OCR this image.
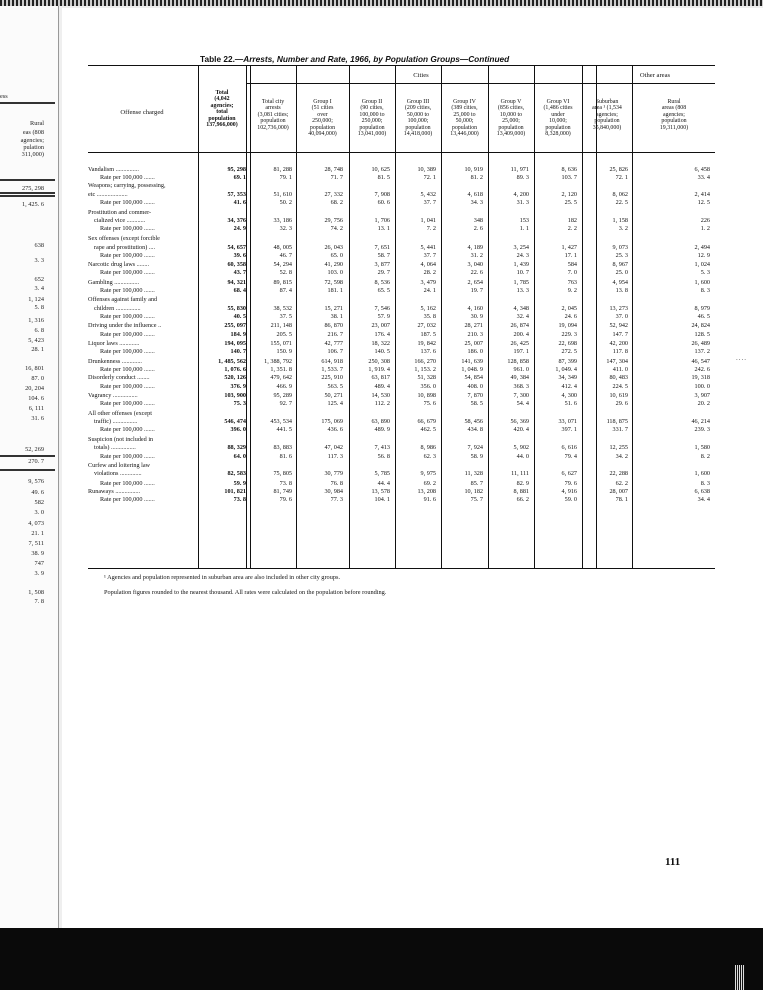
ess
Rural
eas (808
agencies;
pulation
311,000)
275, 298
1, 425. 6
638
3. 3
652
3. 4
1, 124
5. 8
1, 316
6. 8
5, 423
28. 1
16, 801
87. 0
20, 204
104. 6
6, 111
31. 6
52, 269
270. 7
9, 576
49. 6
582
3. 0
4, 073
21. 1
7, 511
38. 9
747
3. 9
1, 508
7. 8
....
Table 22.—Arrests, Number and Rate, 1966, by Population Groups—Continued
Offense charged
Total
(4,042
agencies;
total
population
137,966,000)
Cities	Other areas
Total city
arrests
(3,081 cities;
population
102,736,000)
Group I
(51 cities
over
250,000;
population
40,094,000)
Group II
(90 cities,
100,000 to
250,000;
population
13,041,000)
Group III
(209 cities,
50,000 to
100,000;
population
14,418,000)
Group IV
(389 cities,
25,000 to
50,000;
population
13,446,000)
Group V
(856 cities,
10,000 to
25,000;
population
13,409,000)
Group VI
(1,486 cities
under
10,000;
population
8,328,000)
Suburban
area ¹ (1,534
agencies;
population
35,840,000)
Rural
areas (808
agencies;
population
19,311,000)
Vandalism ...............	95, 298	81, 288	28, 748	10, 625	10, 389	10, 919	11, 971	8, 636	25, 826	6, 458
Rate per 100,000 .......	69. 1	79. 1	71. 7	81. 5	72. 1	81. 2	89. 3	103. 7	72. 1	33. 4
Weapons; carrying, possessing,
etc ....................	57, 353	51, 610	27, 332	7, 908	5, 432	4, 618	4, 200	2, 120	8, 062	2, 414
Rate per 100,000 .......	41. 6	50. 2	68. 2	60. 6	37. 7	34. 3	31. 3	25. 5	22. 5	12. 5
Prostitution and commer-
cialized vice ............	34, 376	33, 186	29, 756	1, 706	1, 041	348	153	182	1, 158	226
Rate per 100,000 .......	24. 9	32. 3	74. 2	13. 1	7. 2	2. 6	1. 1	2. 2	3. 2	1. 2
Sex offenses (except forcible
rape and prostitution) ....	54, 657	48, 005	26, 043	7, 651	5, 441	4, 189	3, 254	1, 427	9, 073	2, 494
Rate per 100,000 .......	39. 6	46. 7	65. 0	58. 7	37. 7	31. 2	24. 3	17. 1	25. 3	12. 9
Narcotic drug laws ........	60, 358	54, 294	41, 290	3, 877	4, 064	3, 040	1, 439	584	8, 967	1, 024
Rate per 100,000 .......	43. 7	52. 8	103. 0	29. 7	28. 2	22. 6	10. 7	7. 0	25. 0	5. 3
Gambling ................	94, 321	89, 815	72, 598	8, 536	3, 479	2, 654	1, 785	763	4, 954	1, 600
Rate per 100,000 .......	68. 4	87. 4	181. 1	65. 5	24. 1	19. 7	13. 3	9. 2	13. 8	8. 3
Offenses against family and
children ................	55, 830	38, 532	15, 271	7, 546	5, 162	4, 160	4, 348	2, 045	13, 273	8, 979
Rate per 100,000 .......	40. 5	37. 5	38. 1	57. 9	35. 8	30. 9	32. 4	24. 6	37. 0	46. 5
Driving under the influence ..	255, 097	211, 148	86, 870	23, 007	27, 032	28, 271	26, 874	19, 094	52, 942	24, 824
Rate per 100,000 .......	184. 9	205. 5	216. 7	176. 4	187. 5	210. 3	200. 4	229. 3	147. 7	128. 5
Liquor laws .............	194, 095	155, 071	42, 777	18, 322	19, 842	25, 007	26, 425	22, 698	42, 200	26, 489
Rate per 100,000 .......	140. 7	150. 9	106. 7	140. 5	137. 6	186. 0	197. 1	272. 5	117. 8	137. 2
Drunkenness .............	1, 485, 562	1, 388, 792	614, 918	250, 308	166, 270	141, 639	128, 858	87, 399	147, 304	46, 547
Rate per 100,000 .......	1, 076. 6	1, 351. 8	1, 533. 7	1, 919. 4	1, 153. 2	1, 048. 9	961. 0	1, 049. 4	411. 0	242. 6
Disorderly conduct ........	520, 126	479, 642	225, 910	63, 817	51, 328	54, 854	49, 384	34, 349	80, 483	19, 318
Rate per 100,000 .......	376. 9	466. 9	563. 5	489. 4	356. 0	408. 0	368. 3	412. 4	224. 5	100. 0
Vagrancy ................	103, 900	95, 289	50, 271	14, 530	10, 898	7, 870	7, 300	4, 300	10, 619	3, 907
Rate per 100,000 .......	75. 3	92. 7	125. 4	112. 2	75. 6	58. 5	54. 4	51. 6	29. 6	20. 2
All other offenses (except
traffic) ................	546, 474	453, 534	175, 069	63, 890	66, 679	58, 456	56, 369	33, 071	118, 875	46, 214
Rate per 100,000 .......	396. 0	441. 5	436. 6	489. 9	462. 5	434. 8	420. 4	397. 1	331. 7	239. 3
Suspicion (not included in
totals) ................	88, 329	83, 883	47, 042	7, 413	8, 986	7, 924	5, 902	6, 616	12, 255	1, 580
Rate per 100,000 .......	64. 0	81. 6	117. 3	56. 8	62. 3	58. 9	44. 0	79. 4	34. 2	8. 2
Curfew and loitering law
violations ..............	82, 583	75, 805	30, 779	5, 785	9, 975	11, 328	11, 111	6, 627	22, 288	1, 600
Rate per 100,000 .......	59. 9	73. 8	76. 8	44. 4	69. 2	85. 7	82. 9	79. 6	62. 2	8. 3
Runaways ................	101, 821	81, 749	30, 984	13, 578	13, 208	10, 182	8, 881	4, 916	28, 007	6, 638
Rate per 100,000 .......	73. 8	79. 6	77. 3	104. 1	91. 6	75. 7	66. 2	59. 0	78. 1	34. 4
¹ Agencies and population represented in suburban area are also included in other city groups.
Population figures rounded to the nearest thousand. All rates were calculated on the population before rounding.
111
